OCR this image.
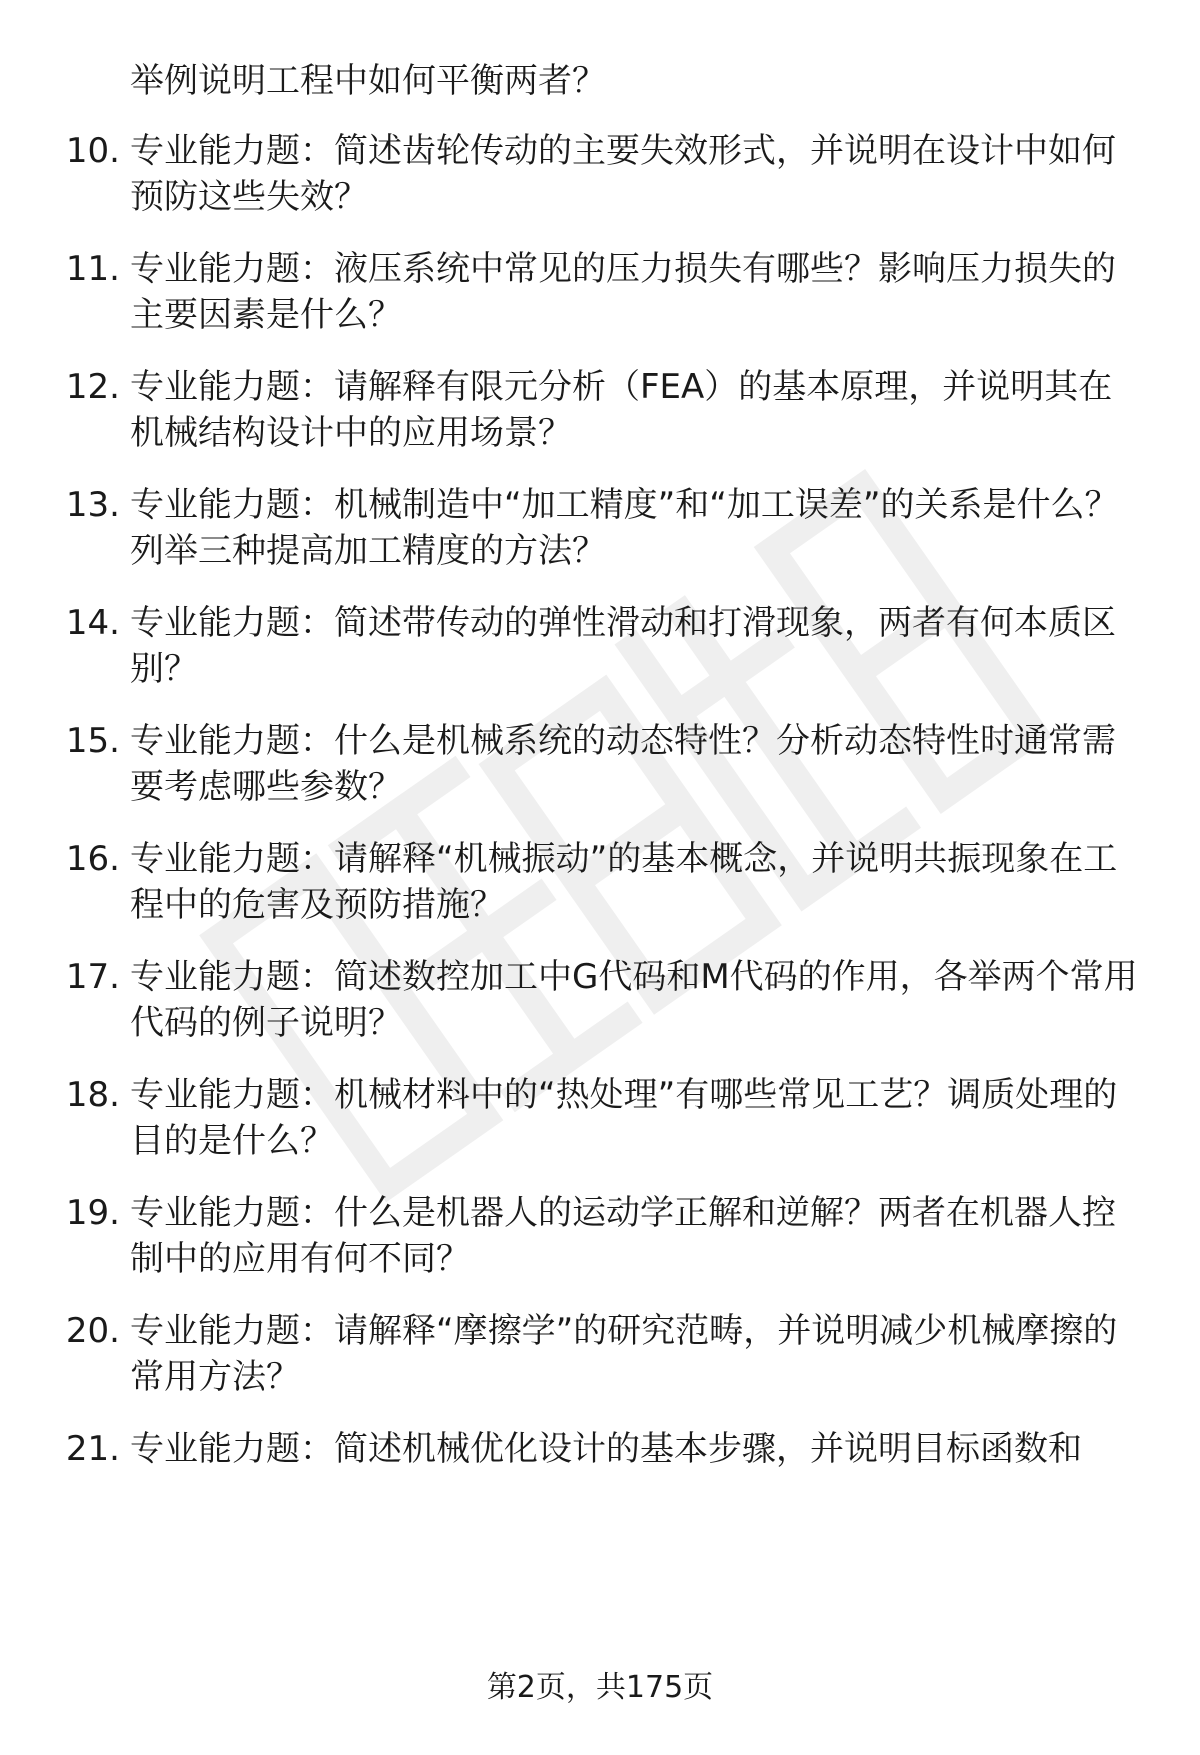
举例说明工程中如何平衡两者？

10. 专业能力题：简述齿轮传动的主要失效形式，并说明在设计中如何预防这些失效？

11. 专业能力题：液压系统中常见的压力损失有哪些？影响压力损失的主要因素是什么？

12. 专业能力题：请解释有限元分析（FEA）的基本原理，并说明其在机械结构设计中的应用场景？

13. 专业能力题：机械制造中“加工精度”和“加工误差”的关系是什么？列举三种提高加工精度的方法？

14. 专业能力题：简述带传动的弹性滑动和打滑现象，两者有何本质区别？

15. 专业能力题：什么是机械系统的动态特性？分析动态特性时通常需要考虑哪些参数？

16. 专业能力题：请解释“机械振动”的基本概念，并说明共振现象在工程中的危害及预防措施？

17. 专业能力题：简述数控加工中G代码和M代码的作用，各举两个常用代码的例子说明？

18. 专业能力题：机械材料中的“热处理”有哪些常见工艺？调质处理的目的是什么？

19. 专业能力题：什么是机器人的运动学正解和逆解？两者在机器人控制中的应用有何不同？

20. 专业能力题：请解释“摩擦学”的研究范畴，并说明减少机械摩擦的常用方法？

21. 专业能力题：简述机械优化设计的基本步骤，并说明目标函数和

第2页，共175页
